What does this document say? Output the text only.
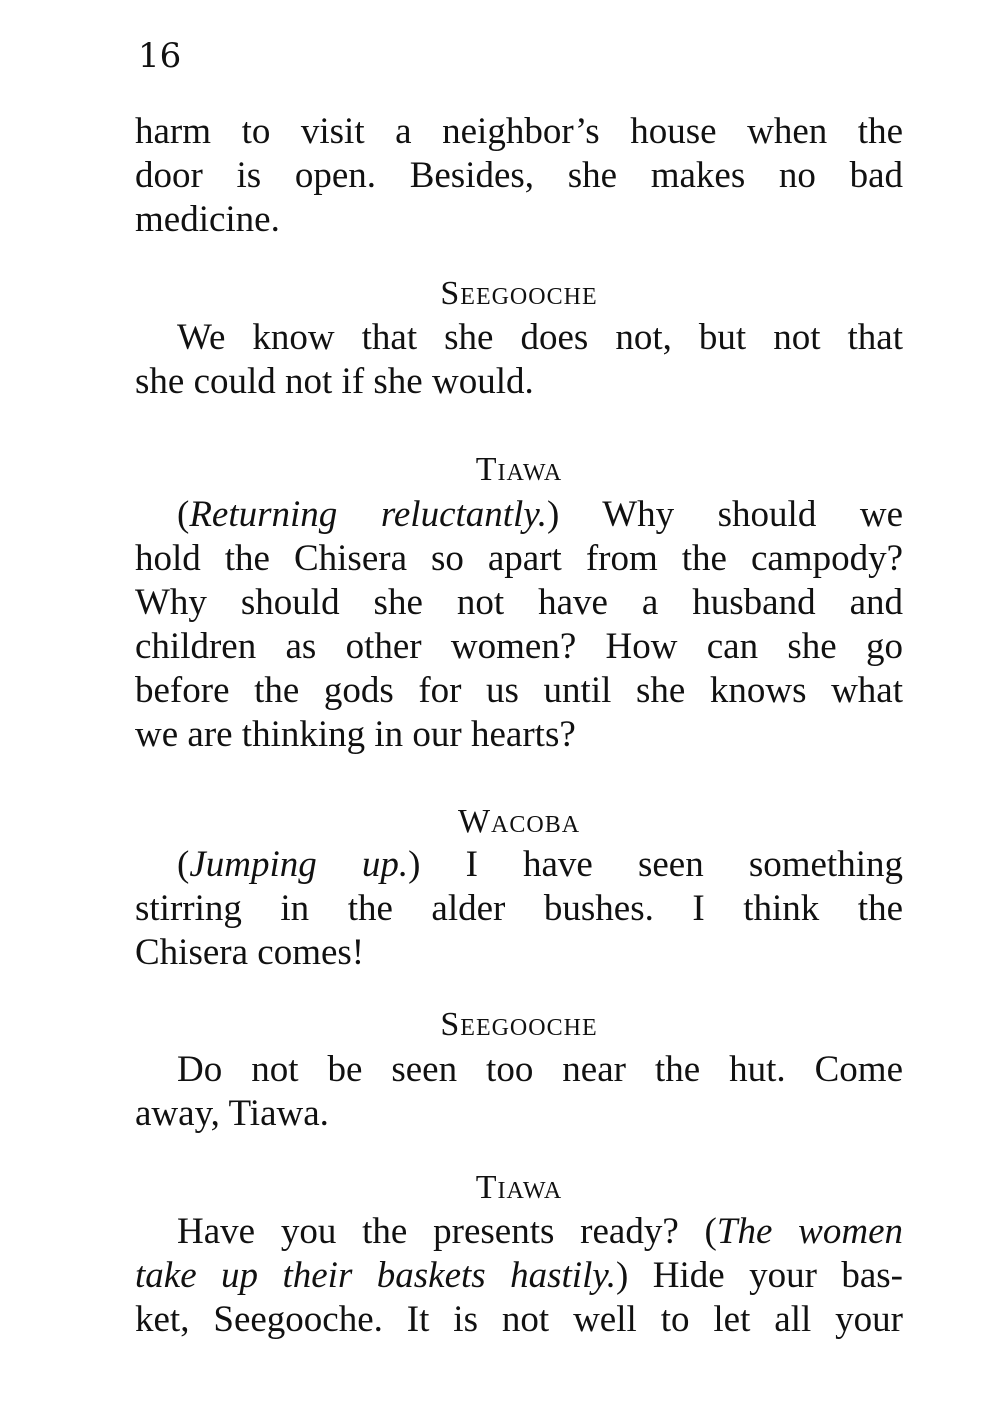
16
harm to visit a neighbor’s house when the
door is open. Besides, she makes no bad
medicine.
Seegooche
We know that she does not, but not that
she could not if she would.
Tiawa
(Returning reluctantly.) Why should we
hold the Chisera so apart from the campody?
Why should she not have a husband and
children as other women? How can she go
before the gods for us until she knows what
we are thinking in our hearts?
Wacoba
(Jumping up.) I have seen something
stirring in the alder bushes. I think the
Chisera comes!
Seegooche
Do not be seen too near the hut. Come
away, Tiawa.
Tiawa
Have you the presents ready? (The women
take up their baskets hastily.) Hide your bas-
ket, Seegooche. It is not well to let all your
